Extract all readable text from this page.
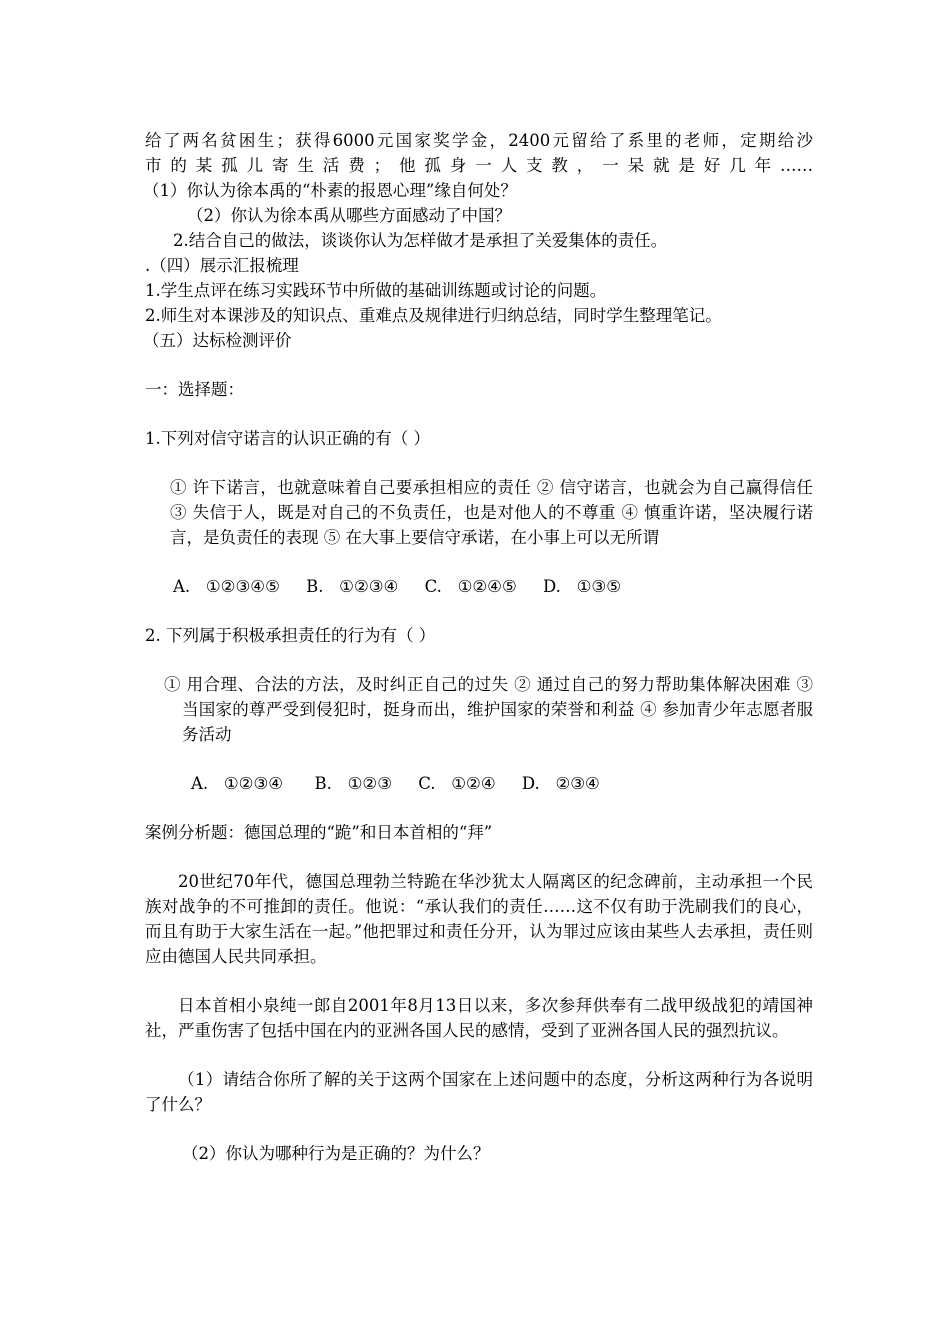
给了两名贫困生；获得6000元国家奖学金，2400元留给了系里的老师，定期给沙

市的某孤儿寄生活费；他孤身一人支教，一呆就是好几年……

（1）你认为徐本禹的“朴素的报恩心理”缘自何处？

（2）你认为徐本禹从哪些方面感动了中国？

2.结合自己的做法，谈谈你认为怎样做才是承担了关爱集体的责任。

.（四）展示汇报梳理

1.学生点评在练习实践环节中所做的基础训练题或讨论的问题。

2.师生对本课涉及的知识点、重难点及规律进行归纳总结，同时学生整理笔记。

（五）达标检测评价

一：选择题：

1.下列对信守诺言的认识正确的有（ ）

① 许下诺言，也就意味着自己要承担相应的责任 ② 信守诺言，也就会为自己赢得信任 ③ 失信于人，既是对自己的不负责任，也是对他人的不尊重 ④ 慎重许诺，坚决履行诺言，是负责任的表现 ⑤ 在大事上要信守承诺，在小事上可以无所谓

A.   ①②③④⑤     B.   ①②③④     C.   ①②④⑤     D.   ①③⑤

2. 下列属于积极承担责任的行为有（ ）

① 用合理、合法的方法，及时纠正自己的过失 ② 通过自己的努力帮助集体解决困难 ③ 当国家的尊严受到侵犯时，挺身而出，维护国家的荣誉和利益 ④ 参加青少年志愿者服务活动

A.   ①②③④      B.   ①②③     C.   ①②④     D.   ②③④

案例分析题：德国总理的“跪”和日本首相的“拜”

20世纪70年代，德国总理勃兰特跪在华沙犹太人隔离区的纪念碑前，主动承担一个民族对战争的不可推卸的责任。他说：“承认我们的责任……这不仅有助于洗刷我们的良心，而且有助于大家生活在一起。”他把罪过和责任分开，认为罪过应该由某些人去承担，责任则应由德国人民共同承担。

日本首相小泉纯一郎自2001年8月13日以来，多次参拜供奉有二战甲级战犯的靖国神社，严重伤害了包括中国在内的亚洲各国人民的感情，受到了亚洲各国人民的强烈抗议。

（1）请结合你所了解的关于这两个国家在上述问题中的态度，分析这两种行为各说明了什么？

（2）你认为哪种行为是正确的？为什么？
